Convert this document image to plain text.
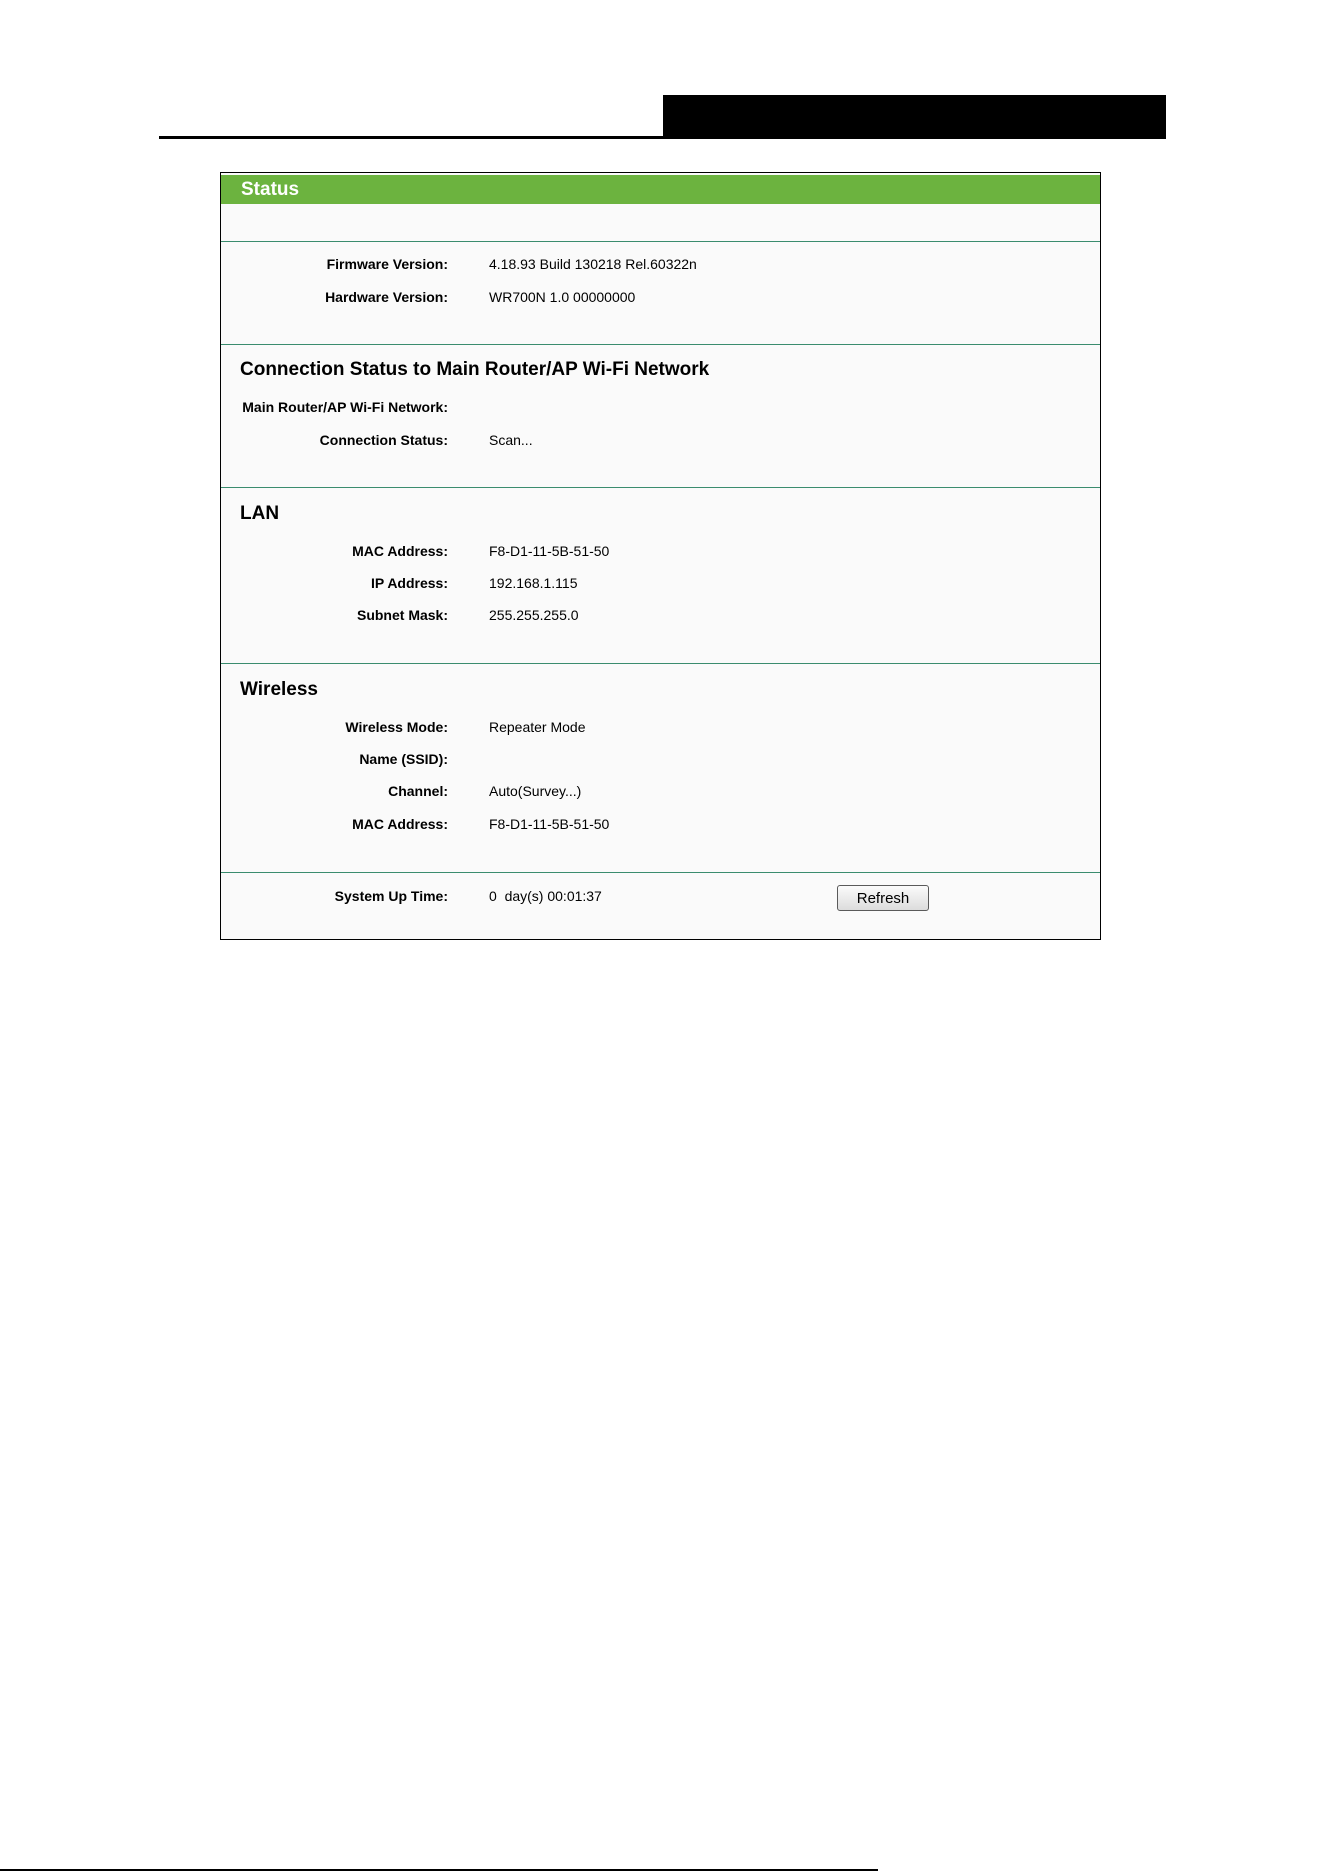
Status
Firmware Version:	4.18.93 Build 130218 Rel.60322n
Hardware Version:	WR700N 1.0 00000000
Connection Status to Main Router/AP Wi-Fi Network
Main Router/AP Wi-Fi Network:
Connection Status:	Scan...
LAN
MAC Address:	F8-D1-11-5B-51-50
IP Address:	192.168.1.115
Subnet Mask:	255.255.255.0
Wireless
Wireless Mode:	Repeater Mode
Name (SSID):
Channel:	Auto(Survey...)
MAC Address:	F8-D1-11-5B-51-50
System Up Time:	0  day(s) 00:01:37	Refresh
